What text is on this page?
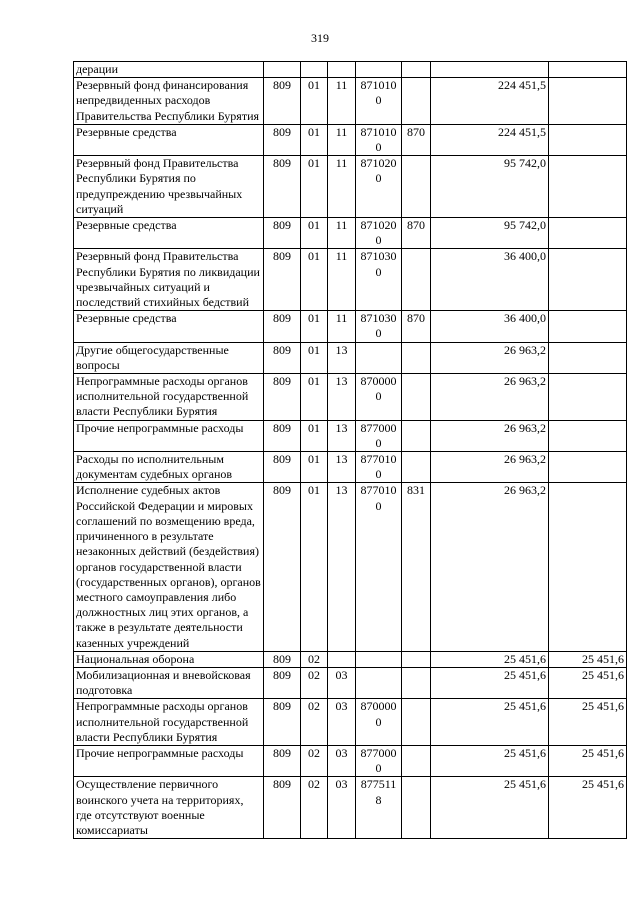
319
дерации							
Резервный фонд финансирования непредвиденных расходов Правительства Республики Бурятия	809	01	11	8710100		224 451,5	
Резервные средства	809	01	11	8710100	870	224 451,5	
Резервный фонд Правительства Республики Бурятия по предупреждению чрезвычайных ситуаций	809	01	11	8710200		95 742,0	
Резервные средства	809	01	11	8710200	870	95 742,0	
Резервный фонд Правительства Республики Бурятия по ликвидации чрезвычайных ситуаций и последствий стихийных бедствий	809	01	11	8710300		36 400,0	
Резервные средства	809	01	11	8710300	870	36 400,0	
Другие общегосударственные вопросы	809	01	13			26 963,2	
Непрограммные расходы органов исполнительной государственной власти Республики Бурятия	809	01	13	8700000		26 963,2	
Прочие непрограммные расходы	809	01	13	8770000		26 963,2	
Расходы по исполнительным документам судебных органов	809	01	13	8770100		26 963,2	
Исполнение судебных актов Российской Федерации и мировых соглашений по возмещению вреда, причиненного в результате незаконных действий (бездействия) органов государственной власти (государственных органов), органов местного самоуправления либо должностных лиц этих органов, а также в результате деятельности казенных учреждений	809	01	13	8770100	831	26 963,2	
Национальная оборона	809	02				25 451,6	25 451,6
Мобилизационная и вневойсковая подготовка	809	02	03			25 451,6	25 451,6
Непрограммные расходы органов исполнительной государственной власти Республики Бурятия	809	02	03	8700000		25 451,6	25 451,6
Прочие непрограммные расходы	809	02	03	8770000		25 451,6	25 451,6
Осуществление первичного воинского учета на территориях, где отсутствуют военные комиссариаты	809	02	03	8775118		25 451,6	25 451,6
